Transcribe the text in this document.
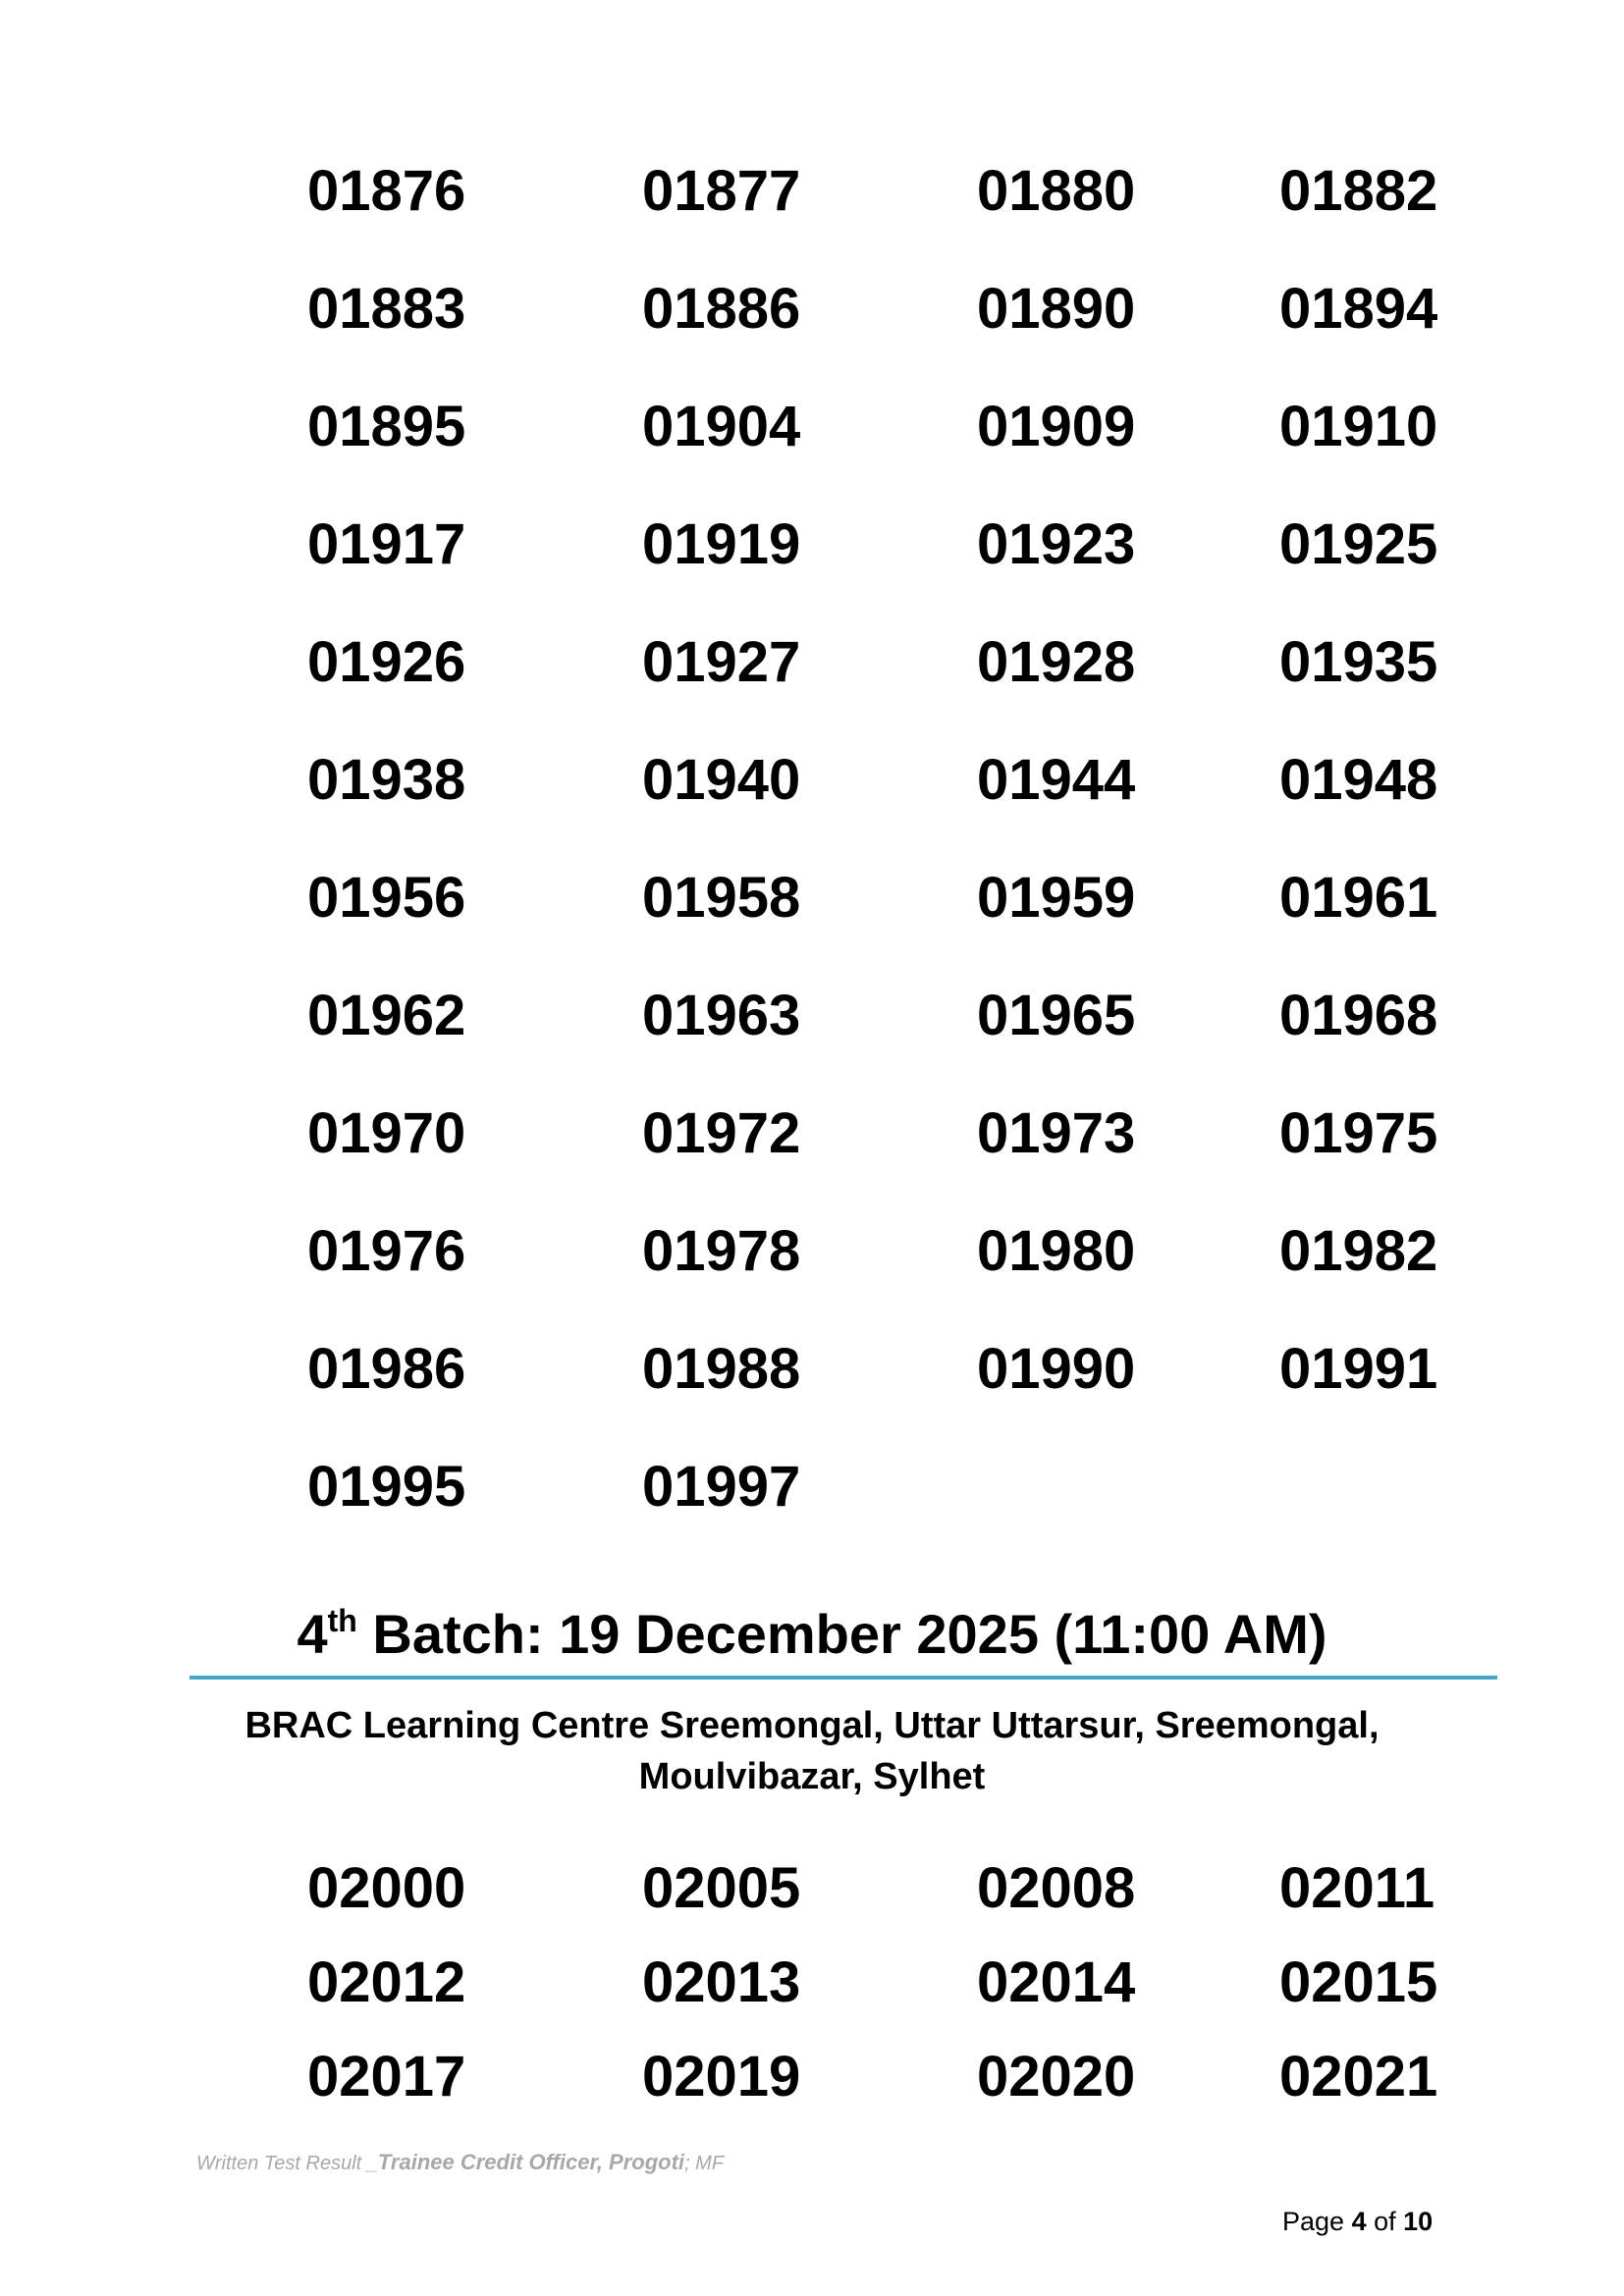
01876	01877	01880	01882
01883	01886	01890	01894
01895	01904	01909	01910
01917	01919	01923	01925
01926	01927	01928	01935
01938	01940	01944	01948
01956	01958	01959	01961
01962	01963	01965	01968
01970	01972	01973	01975
01976	01978	01980	01982
01986	01988	01990	01991
01995	01997
4th Batch: 19 December 2025 (11:00 AM)
BRAC Learning Centre Sreemongal, Uttar Uttarsur, Sreemongal,
Moulvibazar, Sylhet
02000	02005	02008	02011
02012	02013	02014	02015
02017	02019	02020	02021
Written Test Result _Trainee Credit Officer, Progoti; MF
Page 4 of 10
